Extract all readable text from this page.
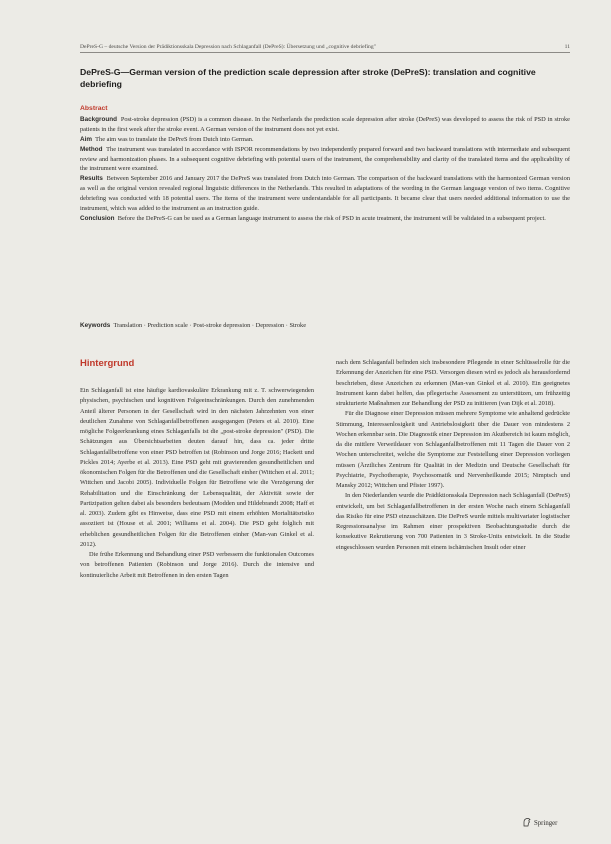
DePreS-G – deutsche Version der Prädiktionsskala Depression nach Schlaganfall (DePreS): Übersetzung und „cognitive debriefing"	11
DePreS-G—German version of the prediction scale depression after stroke (DePreS): translation and cognitive debriefing
Abstract

Background Post-stroke depression (PSD) is a common disease. In the Netherlands the prediction scale depression after stroke (DePreS) was developed to assess the risk of PSD in stroke patients in the first week after the stroke event. A German version of the instrument does not yet exist.

Aim The aim was to translate the DePreS from Dutch into German.

Method The instrument was translated in accordance with ISPOR recommendations by two independently prepared forward and two backward translations with intermediate and subsequent review and harmonization phases. In a subsequent cognitive debriefing with potential users of the instrument, the comprehensibility and clarity of the translated items and the applicability of the instrument were examined.

Results Between September 2016 and January 2017 the DePreS was translated from Dutch into German. The comparison of the backward translations with the harmonized German version as well as the original version revealed regional linguistic differences in the Netherlands. This resulted in adaptations of the wording in the German language version of two items. Cognitive debriefing was conducted with 18 potential users. The items of the instrument were understandable for all participants. It became clear that users needed additional information to use the instrument, which was added to the instrument as an instruction guide.

Conclusion Before the DePreS-G can be used as a German language instrument to assess the risk of PSD in acute treatment, the instrument will be validated in a subsequent project.

Keywords Translation · Prediction scale · Post-stroke depression · Depression · Stroke
Hintergrund

Ein Schlaganfall ist eine häufige kardiovaskuläre Erkrankung mit z. T. schwerwiegenden physischen, psychischen und kognitiven Folgeeinschränkungen. Durch den zunehmenden Anteil älterer Personen in der Gesellschaft wird in den nächsten Jahrzehnten von einer deutlichen Zunahme von Schlaganfallbetroffenen ausgegangen (Peters et al. 2010). Eine mögliche Folgeerkrankung eines Schlaganfalls ist die „post-stroke depression" (PSD). Die Schätzungen aus Übersichtsarbeiten deuten darauf hin, dass ca. jeder dritte Schlaganfallbetroffene von einer PSD betroffen ist (Robinson und Jorge 2016; Hackett und Pickles 2014; Ayerbe et al. 2013). Eine PSD geht mit gravierenden gesundheitlichen und ökonomischen Folgen für die Betroffenen und die Gesellschaft einher (Wittchen et al. 2011; Wittchen und Jacobi 2005). Individuelle Folgen für Betroffene wie die Verzögerung der Rehabilitation und die Einschränkung der Lebensqualität, der Aktivität sowie der Partizipation gelten dabei als besonders bedeutsam (Modden und Hildebrandt 2008; Haff et al. 2003). Zudem gibt es Hinweise, dass eine PSD mit einem erhöhten Mortalitätsrisiko assoziiert ist (House et al. 2001; Williams et al. 2004). Die PSD geht folglich mit erheblichen gesundheitlichen Folgen für die Betroffenen einher (Man-van Ginkel et al. 2012).

Die frühe Erkennung und Behandlung einer PSD verbessern die funktionalen Outcomes von betroffenen Patienten (Robinson und Jorge 2016). Durch die intensive und kontinuierliche Arbeit mit Betroffenen in den ersten Tagen

nach dem Schlaganfall befinden sich insbesondere Pflegende in einer Schlüsselrolle für die Erkennung der Anzeichen für eine PSD. Versorgen diesen wird es jedoch als herausfordernd beschrieben, diese Anzeichen zu erkennen (Man-van Ginkel et al. 2010). Ein geeignetes Instrument kann dabei helfen, das pflegerische Assessment zu unterstützen, um frühzeitig strukturierte Maßnahmen zur Behandlung der PSD zu initiieren (van Dijk et al. 2018).

Für die Diagnose einer Depression müssen mehrere Symptome wie anhaltend gedrückte Stimmung, Interessenlosigkeit und Antriebslosigkeit über die Dauer von mindestens 2 Wochen erkennbar sein. Die Diagnostik einer Depression im Akutbereich ist kaum möglich, da die mittlere Verweildauer von Schlaganfallbetroffenen mit 11 Tagen die Dauer von 2 Wochen unterschreitet, welche die Symptome zur Feststellung einer Depression vorliegen müssen (Ärztliches Zentrum für Qualität in der Medizin und Deutsche Gesellschaft für Psychiatrie, Psychotherapie, Psychosomatik und Nervenheilkunde 2015; Nimptsch und Mansky 2012; Wittchen und Pfister 1997).

In den Niederlanden wurde die Prädiktionsskala Depression nach Schlaganfall (DePreS) entwickelt, um bei Schlaganfallbetroffenen in der ersten Woche nach einem Schlaganfall das Risiko für eine PSD einzuschätzen. Die DePreS wurde mittels multivariater logistischer Regressionsanalyse im Rahmen einer prospektiven Beobachtungsstudie durch die konsekutive Rekrutierung von 700 Patienten in 3 Stroke-Units entwickelt. In die Studie eingeschlossen wurden Personen mit einem ischämischen Insult oder einer

Springer
